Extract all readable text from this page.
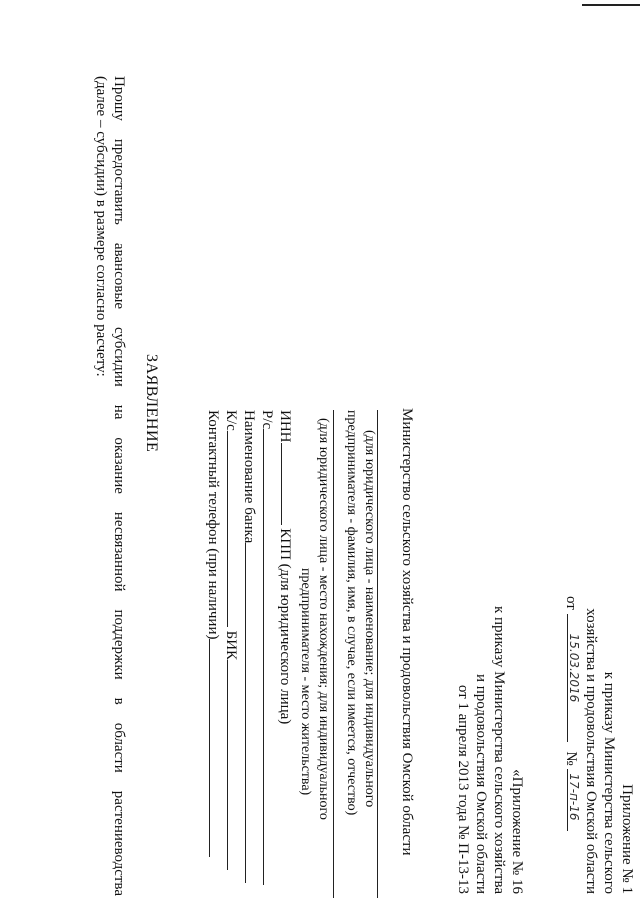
Приложение № 1
к приказу Министерства сельского
хозяйства и продовольствия Омской области
от
15.03.2016
№
17-п-16
«Приложение № 16
к приказу Министерства сельского хозяйства
и продовольствия Омской области
от 1 апреля 2013 года № П-13-13
Министерство сельского хозяйства и продовольствия Омской области
(для юридического лица - наименование; для индивидуального
предпринимателя - фамилия, имя, в случае, если имеется, отчество)
(для юридического лица - место нахождения; для индивидуального
предпринимателя - место жительства)
ИНН КПП (для юридического лица)
Р/с
Наименование банка
К/с БИК
Контактный телефон (при наличии)
ЗАЯВЛЕНИЕ
Прошу
предоставить
авансовые
субсидии
на
оказание
несвязанной
поддержки
в
области
растениеводства
(далее – субсидии) в размере согласно расчету:
